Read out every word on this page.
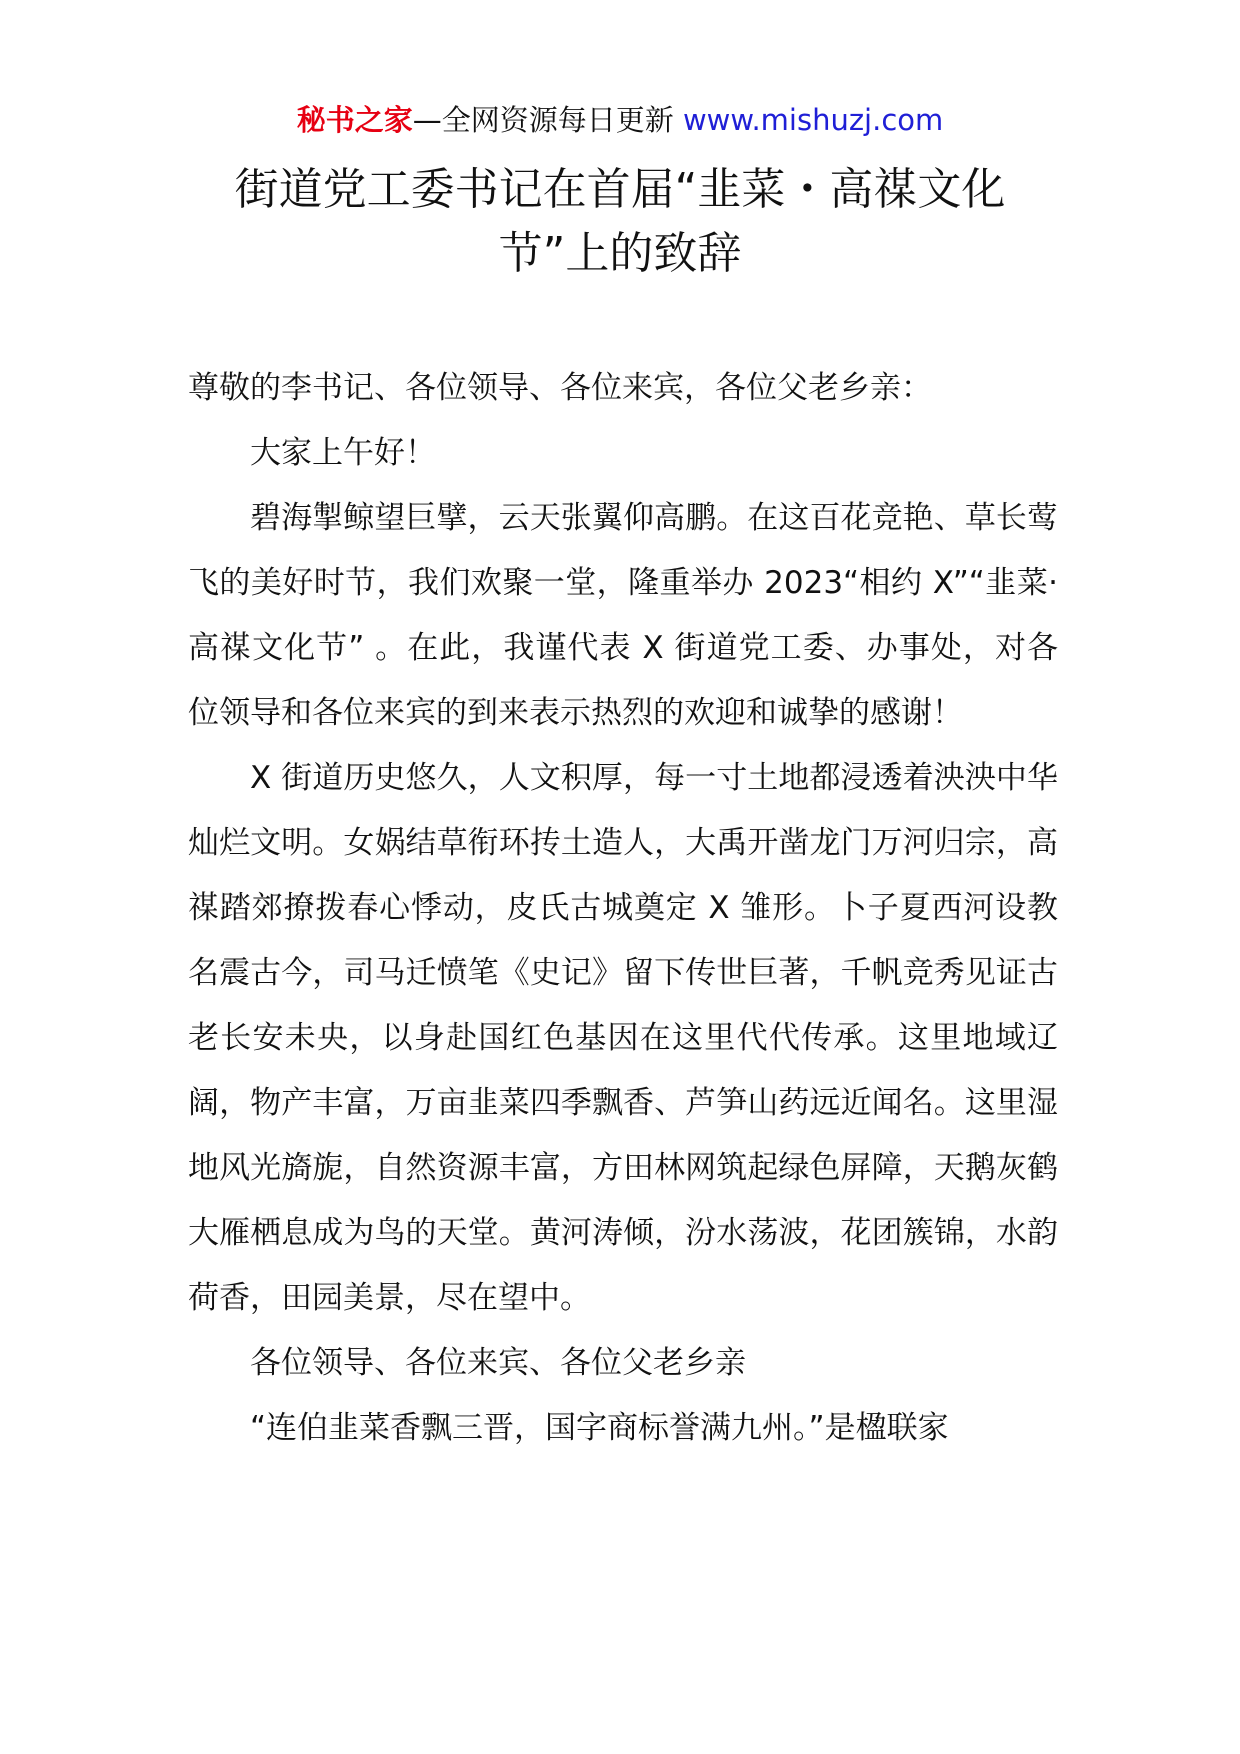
秘书之家—全网资源每日更新 www.mishuzj.com
街道党工委书记在首届“韭菜・高禖文化
节”上的致辞

尊敬的李书记、各位领导、各位来宾，各位父老乡亲：

大家上午好！

碧海掣鲸望巨擘，云天张翼仰高鹏。在这百花竞艳、草长莺飞的美好时节，我们欢聚一堂，隆重举办 2023“相约 X”“韭菜·高禖文化节” 。在此，我谨代表 X 街道党工委、办事处，对各位领导和各位来宾的到来表示热烈的欢迎和诚挚的感谢！

X 街道历史悠久，人文积厚，每一寸土地都浸透着泱泱中华灿烂文明。女娲结草衔环抟土造人，大禹开凿龙门万河归宗，高禖踏郊撩拨春心悸动，皮氏古城奠定 X 雏形。卜子夏西河设教名震古今，司马迁愤笔《史记》留下传世巨著，千帆竞秀见证古老长安未央，以身赴国红色基因在这里代代传承。这里地域辽阔，物产丰富，万亩韭菜四季飘香、芦笋山药远近闻名。这里湿地风光旖旎，自然资源丰富，方田林网筑起绿色屏障，天鹅灰鹤大雁栖息成为鸟的天堂。黄河涛倾，汾水荡波，花团簇锦，水韵荷香，田园美景，尽在望中。

各位领导、各位来宾、各位父老乡亲

“连伯韭菜香飘三晋，国字商标誉满九州。”是楹联家
